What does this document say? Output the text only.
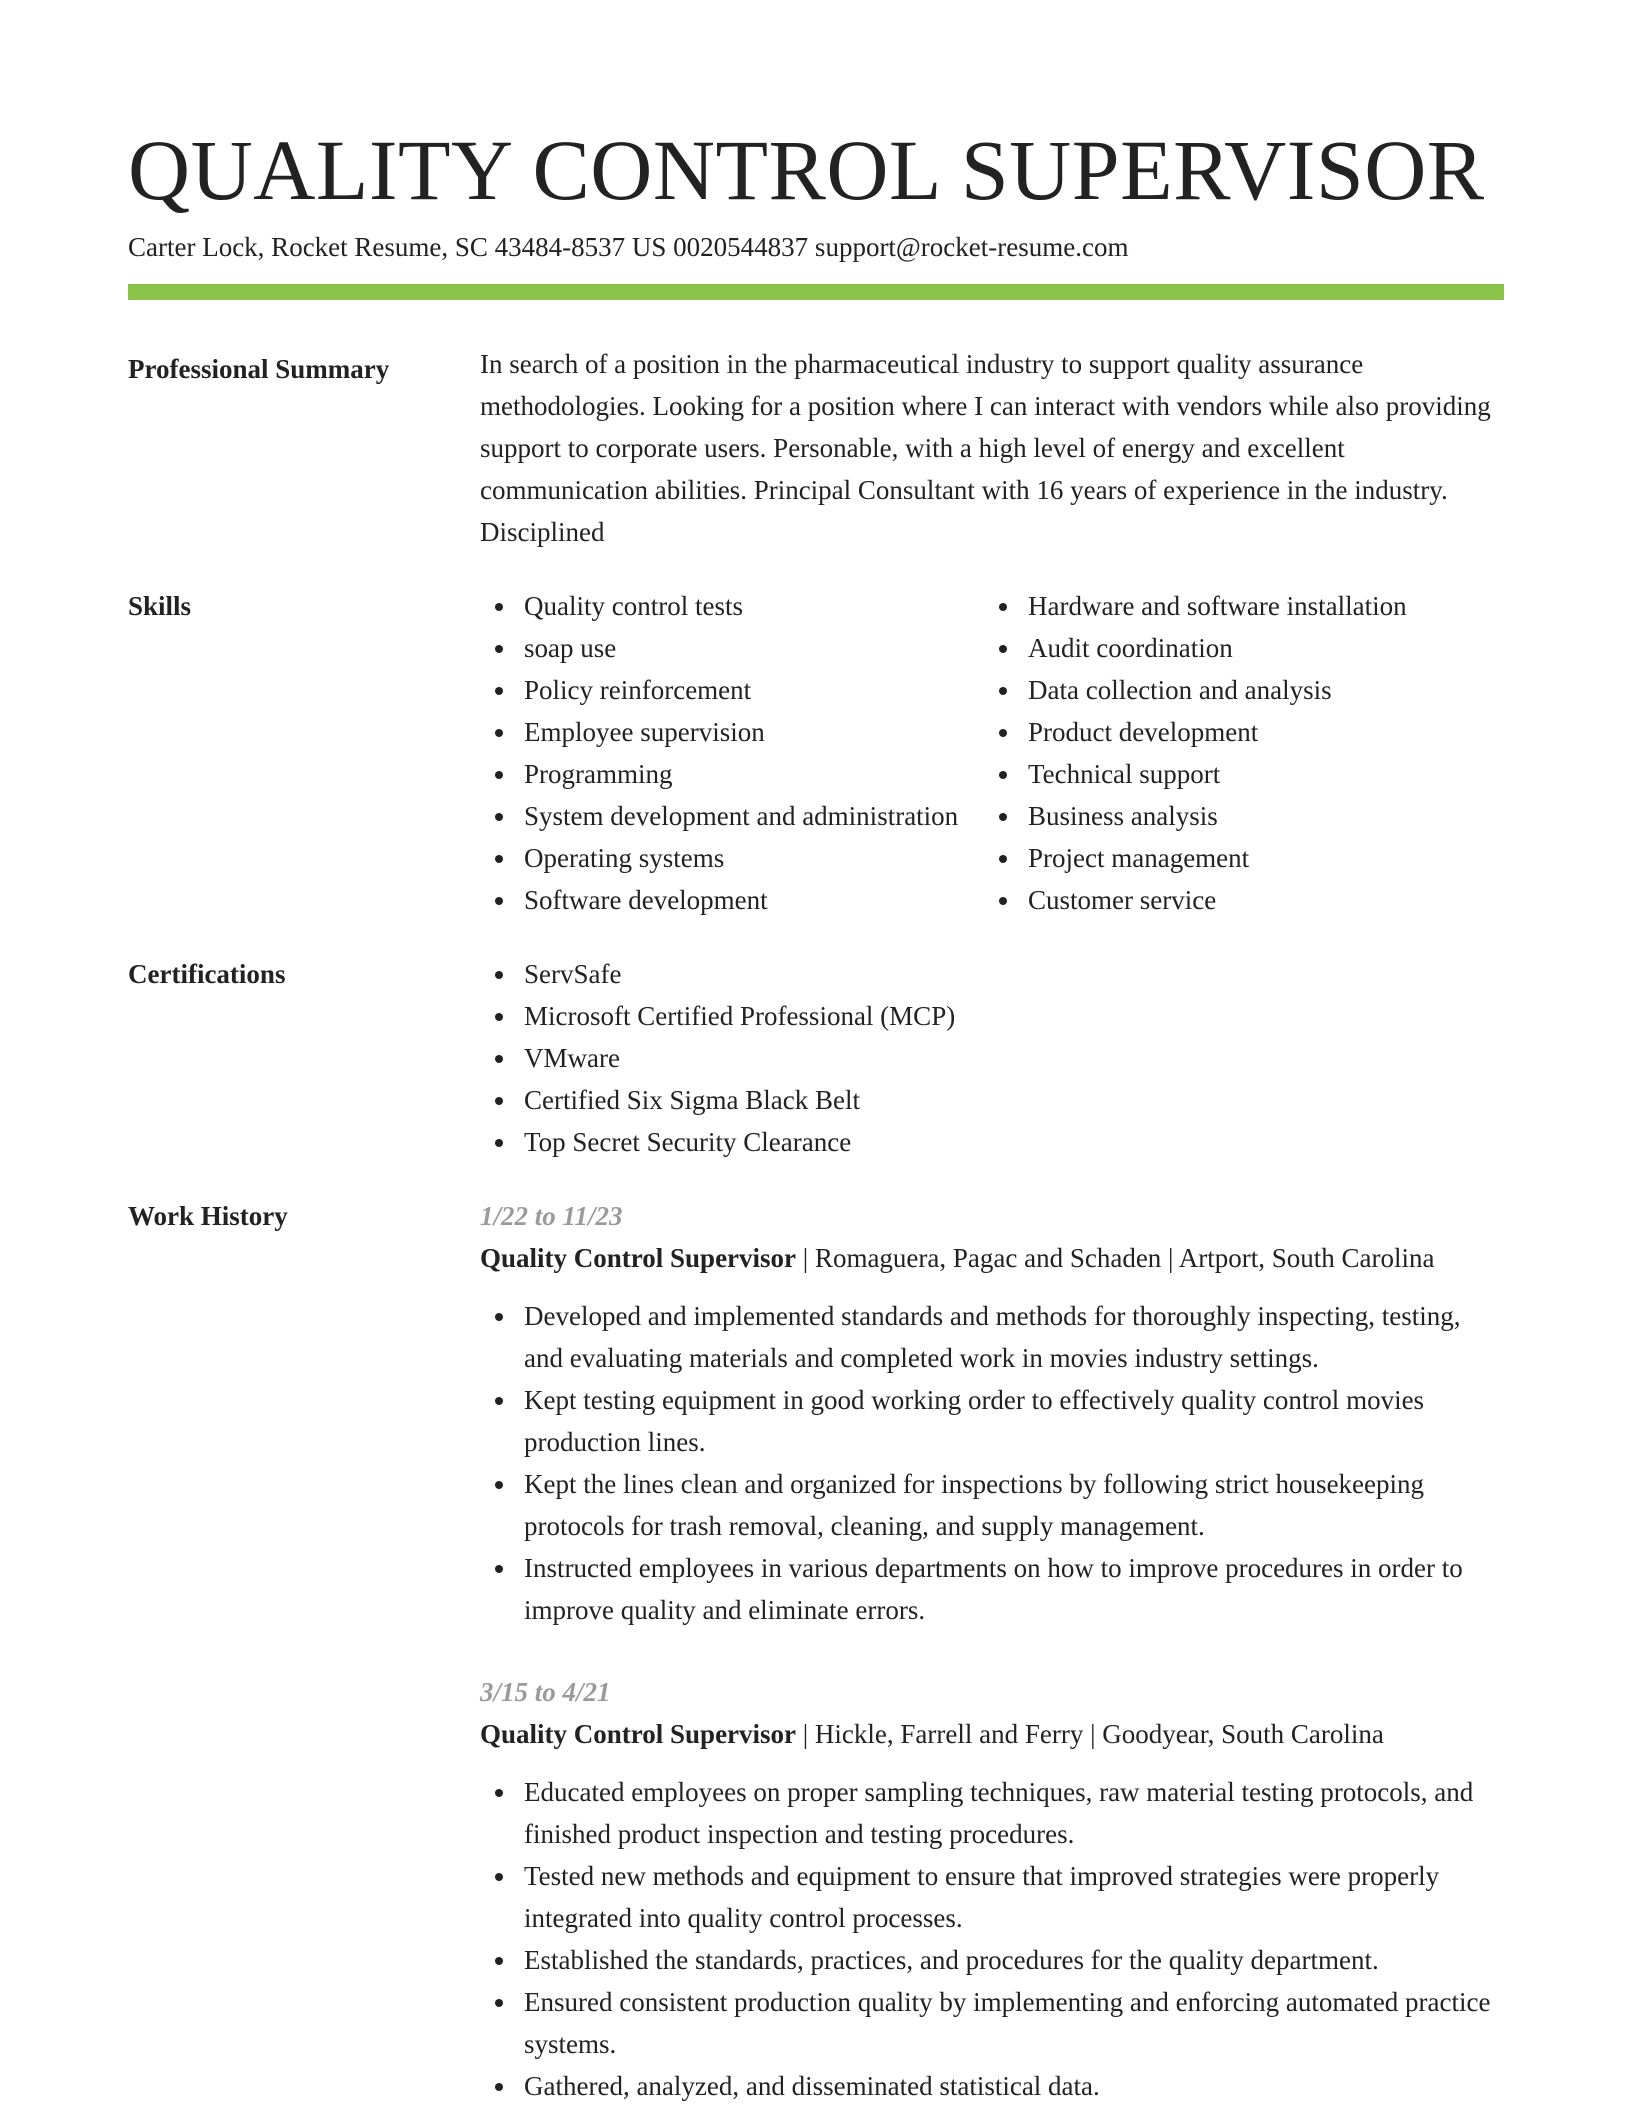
QUALITY CONTROL SUPERVISOR
Carter Lock, Rocket Resume, SC 43484-8537 US 0020544837 support@rocket-resume.com
Professional Summary	In search of a position in the pharmaceutical industry to support quality assurance methodologies. Looking for a position where I can interact with vendors while also providing support to corporate users. Personable, with a high level of energy and excellent communication abilities. Principal Consultant with 16 years of experience in the industry. Disciplined

Skills	Quality control tests
soap use
Policy reinforcement
Employee supervision
Programming
System development and administration
Operating systems
Software development
Hardware and software installation
Audit coordination
Data collection and analysis
Product development
Technical support
Business analysis
Project management
Customer service
Certifications	ServSafe
Microsoft Certified Professional (MCP)
VMware
Certified Six Sigma Black Belt
Top Secret Security Clearance
Work History	1/22 to 11/23
Quality Control Supervisor | Romaguera, Pagac and Schaden | Artport, South Carolina
Developed and implemented standards and methods for thoroughly inspecting, testing, and evaluating materials and completed work in movies industry settings.
Kept testing equipment in good working order to effectively quality control movies production lines.
Kept the lines clean and organized for inspections by following strict housekeeping protocols for trash removal, cleaning, and supply management.
Instructed employees in various departments on how to improve procedures in order to improve quality and eliminate errors.
3/15 to 4/21
Quality Control Supervisor | Hickle, Farrell and Ferry | Goodyear, South Carolina
Educated employees on proper sampling techniques, raw material testing protocols, and finished product inspection and testing procedures.
Tested new methods and equipment to ensure that improved strategies were properly integrated into quality control processes.
Established the standards, practices, and procedures for the quality department.
Ensured consistent production quality by implementing and enforcing automated practice systems.
Gathered, analyzed, and disseminated statistical data.
